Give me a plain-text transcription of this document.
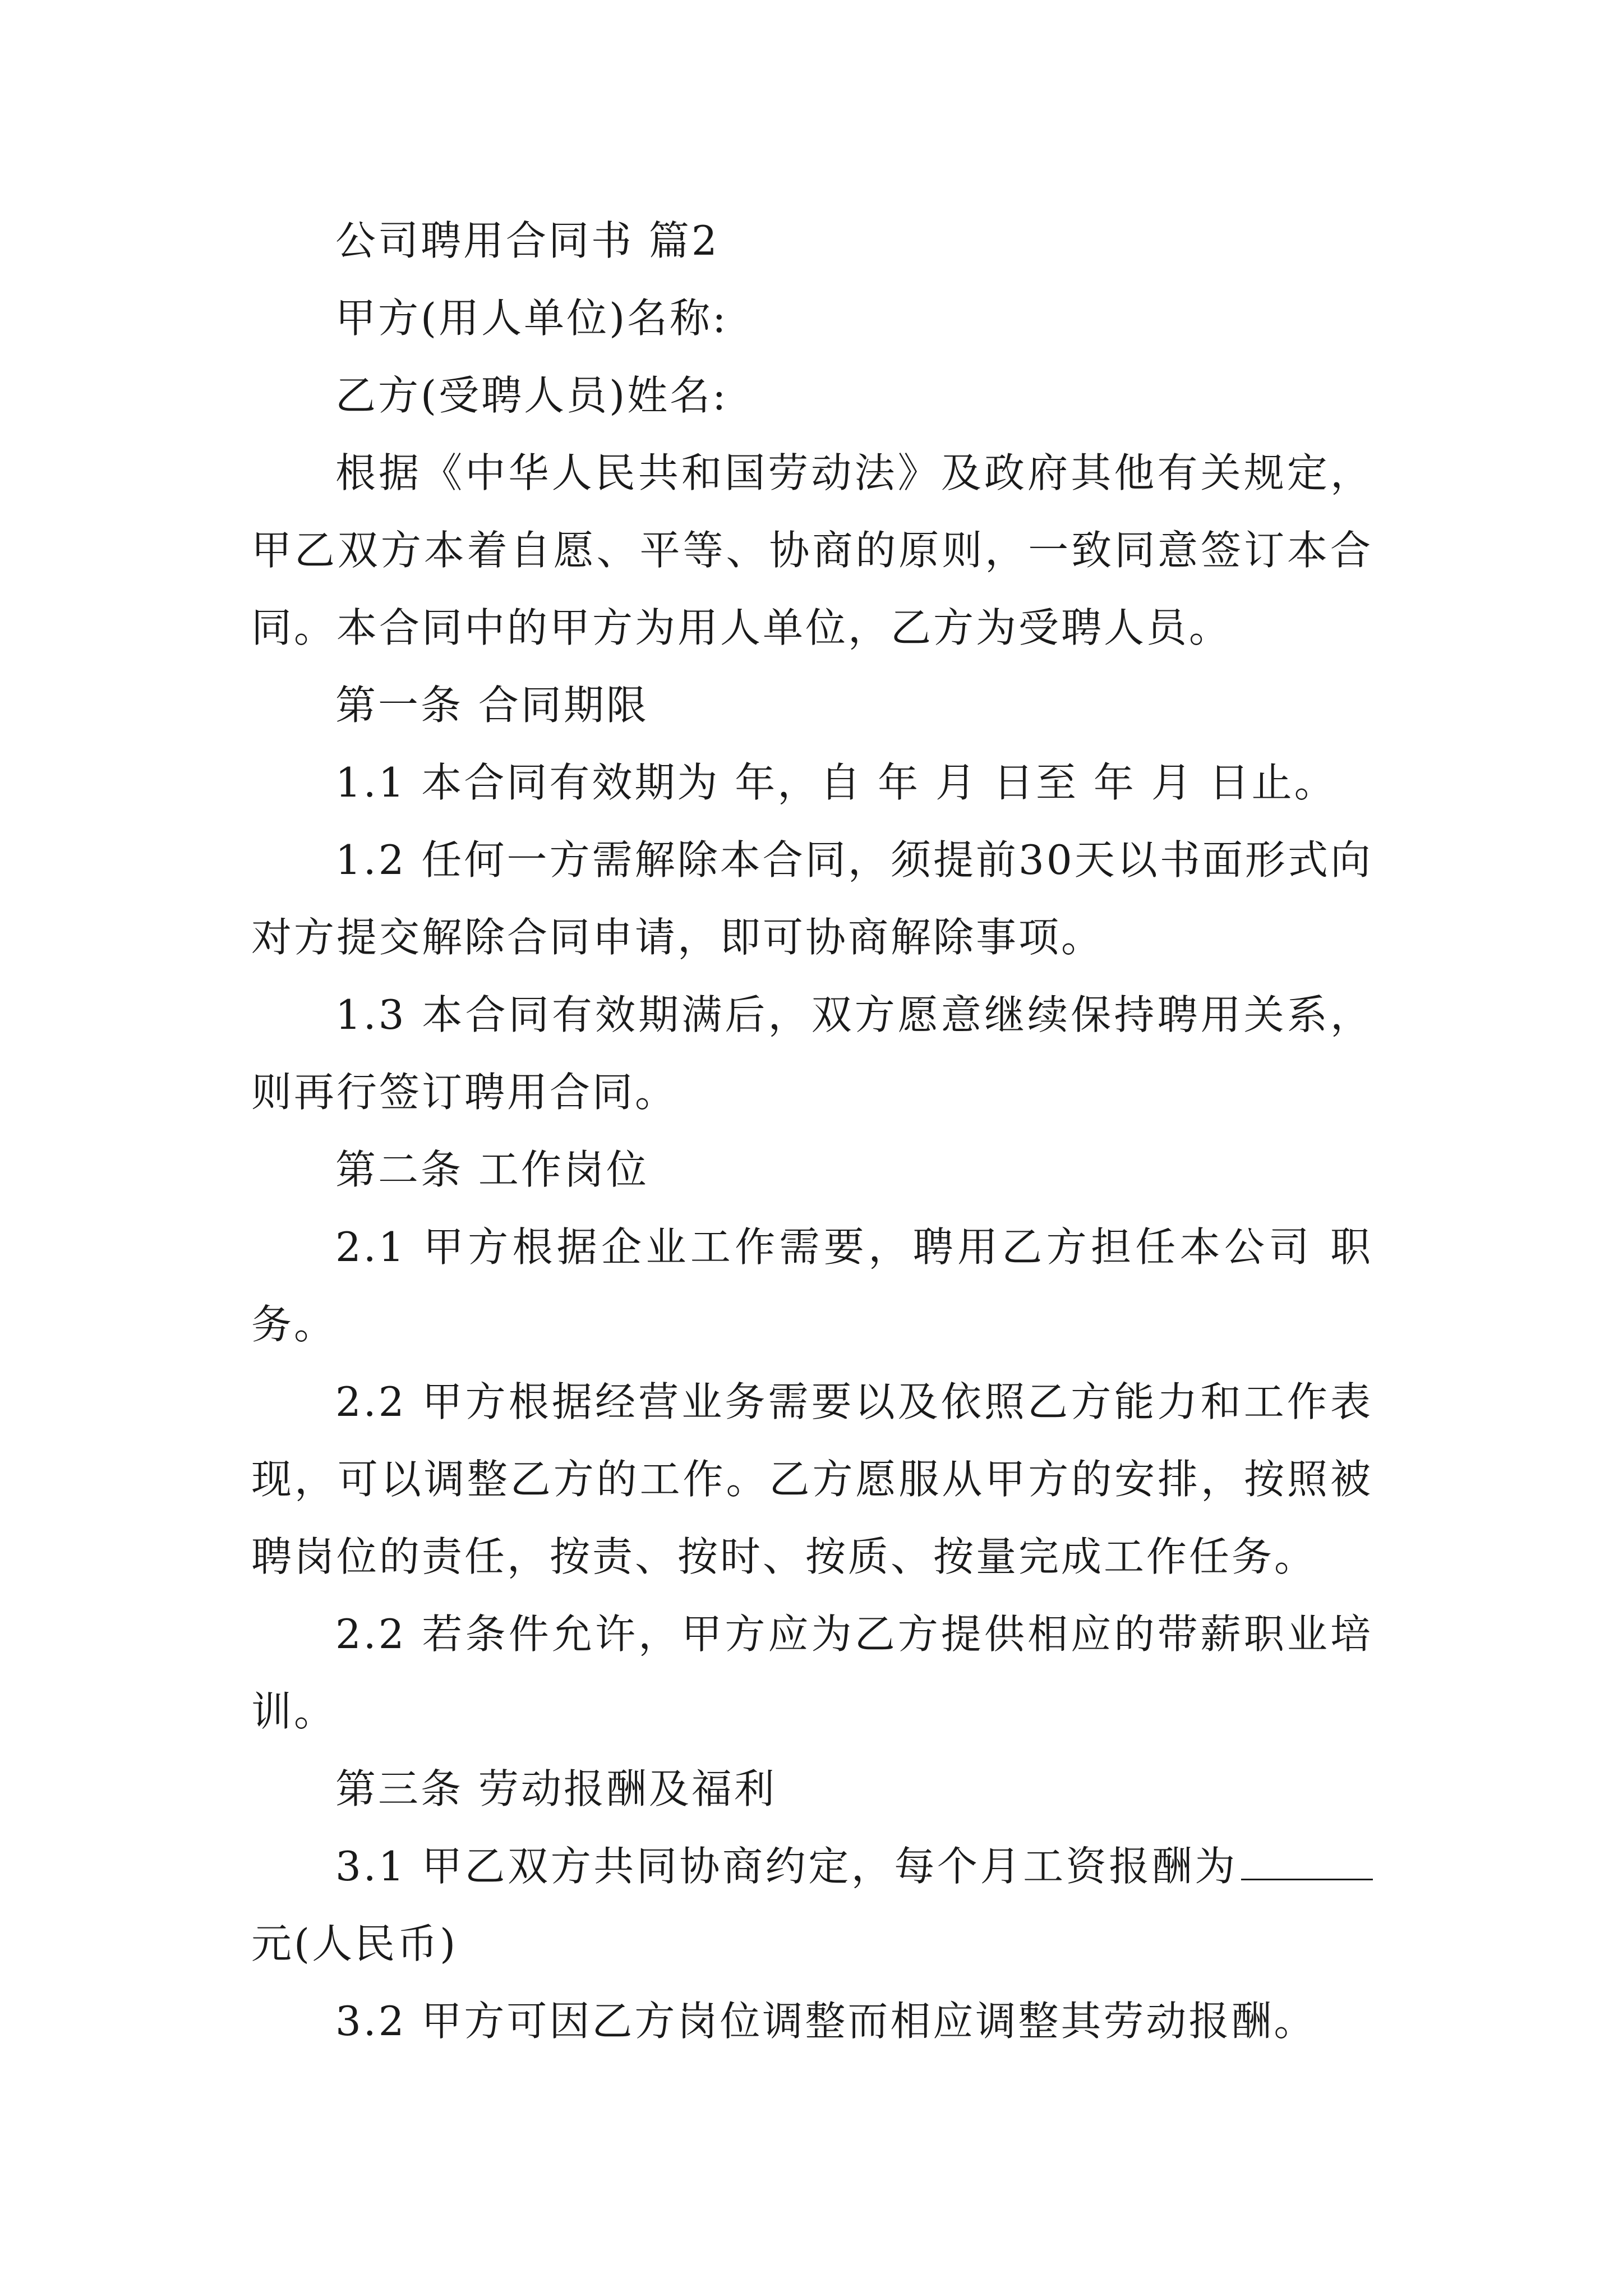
公司聘用合同书 篇2

甲方(用人单位)名称:

乙方(受聘人员)姓名:

根据《中华人民共和国劳动法》及政府其他有关规定，甲乙双方本着自愿、平等、协商的原则，一致同意签订本合同。本合同中的甲方为用人单位，乙方为受聘人员。

第一条 合同期限

1.1 本合同有效期为 年，自 年 月 日至 年 月 日止。

1.2 任何一方需解除本合同，须提前30天以书面形式向对方提交解除合同申请，即可协商解除事项。

1.3 本合同有效期满后，双方愿意继续保持聘用关系，则再行签订聘用合同。

第二条 工作岗位

2.1 甲方根据企业工作需要，聘用乙方担任本公司 职务。

2.2 甲方根据经营业务需要以及依照乙方能力和工作表现，可以调整乙方的工作。乙方愿服从甲方的安排，按照被聘岗位的责任，按责、按时、按质、按量完成工作任务。

2.2 若条件允许，甲方应为乙方提供相应的带薪职业培训。

第三条 劳动报酬及福利

3.1 甲乙双方共同协商约定，每个月工资报酬为元(人民币)

3.2 甲方可因乙方岗位调整而相应调整其劳动报酬。
